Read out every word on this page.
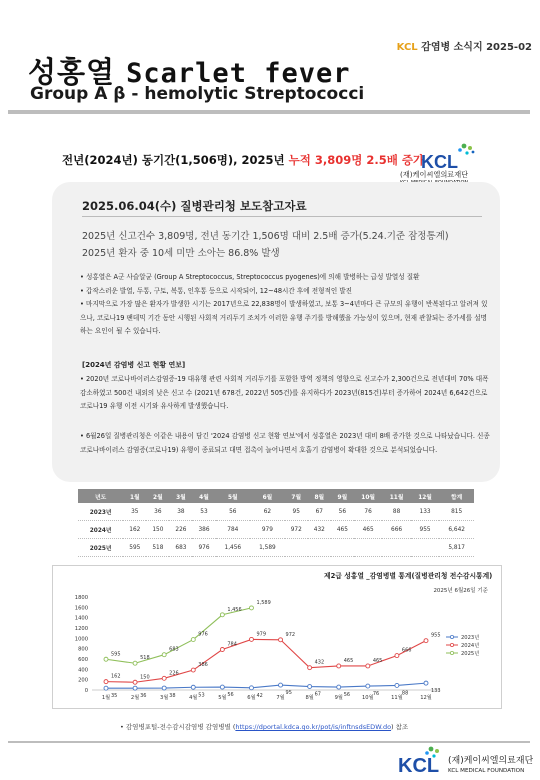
KCL 감염병 소식지 2025-02
성홍열 Scarlet fever
Group A β - hemolytic Streptococci
전년(2024년) 동기간(1,506명), 2025년 누적 3,809명 2.5배 증가
KCL
(재)케이씨엘의료재단
2025.06.04(수) 질병관리청 보도참고자료
2025년 신고건수 3,809명, 전년 동기간 1,506명 대비 2.5배 증가(5.24.기준 잠정통계)
2025년 환자 중 10세 미만 소아는 86.8% 발생

• 성홍열은 A군 사슬알균 (Group A Streptococcus, Streptococcus pyogenes)에 의해 발병하는 급성 발열성 질환

• 갑작스러운 발열, 두통, 구토, 복통, 인후통 등으로 시작되어, 12~48시간 후에 전형적인 발진

• 마지막으로 가장 많은 환자가 발생한 시기는 2017년으로 22,838명이 발생하였고, 보통 3~4년마다 큰 규모의 유행이 반복된다고 알려져 있으나, 코로나19 팬데믹 기간 동안 시행된 사회적 거리두기 조치가 이러한 유행 주기를 방해했을 가능성이 있으며, 현재 관찰되는 증가세를 설명하는 요인이 될 수 있습니다.

[2024년 감염병 신고 현황 연보]
• 2020년 코로나바이러스감염증-19 대유행 관련 사회적 거리두기를 포함한 방역 정책의 영향으로 신고수가 2,300건으로 전년대비 70% 대폭 감소하였고 500건 내외의 낮은 신고 수 (2021년 678건, 2022년 505건)를 유지하다가 2023년(815건)부터 증가하여 2024년 6,642건으로 코로나19 유행 이전 시기와 유사하게 발생했습니다.
• 6월26일 질병관리청은 이같은 내용이 담긴 '2024 감염병 신고 현황 연보'에서 성홍열은 2023년 대비 8배 증가한 것으로 나타났습니다. 신종 코로나바이러스 감염증(코로나19) 유행이 종료되고 대면 접촉이 늘어나면서 호흡기 감염병이 확대한 것으로 분석되었습니다.
년도	1월	2월	3월	4월	5월	6월	7월	8월	9월	10월	11월	12월	합계
2023년	35	36	38	53	56	62	95	67	56	76	88	133	815
2024년	162	150	226	386	784	979	972	432	465	465	666	955	6,642
2025년	595	518	683	976	1,456	1,589							5,817
제2급 성홍열 _감염병별 통계(질병관리청 전수감시통계)
2025년 6월26일 기준
0
200
400
600
800
1000
1200
1400
1600
1800
1월	2월	3월	4월	5월	6월	7월	8월	9월	10월	11월	12월
35	36	38	53	56	42	95	67	56	76	88	133
2023년
162	150
226
386
784
979	972
432	465	465
666
955
2024년
595
518
683
976
1,456
1,589
2025년
• 감염병포털-전수감시감염병 감염병별 (https://dportal.kdca.go.kr/pot/is/inftnsdsEDW.do) 참조
KCL (재)케이씨엘의료재단
KCL MEDICAL FOUNDATION
